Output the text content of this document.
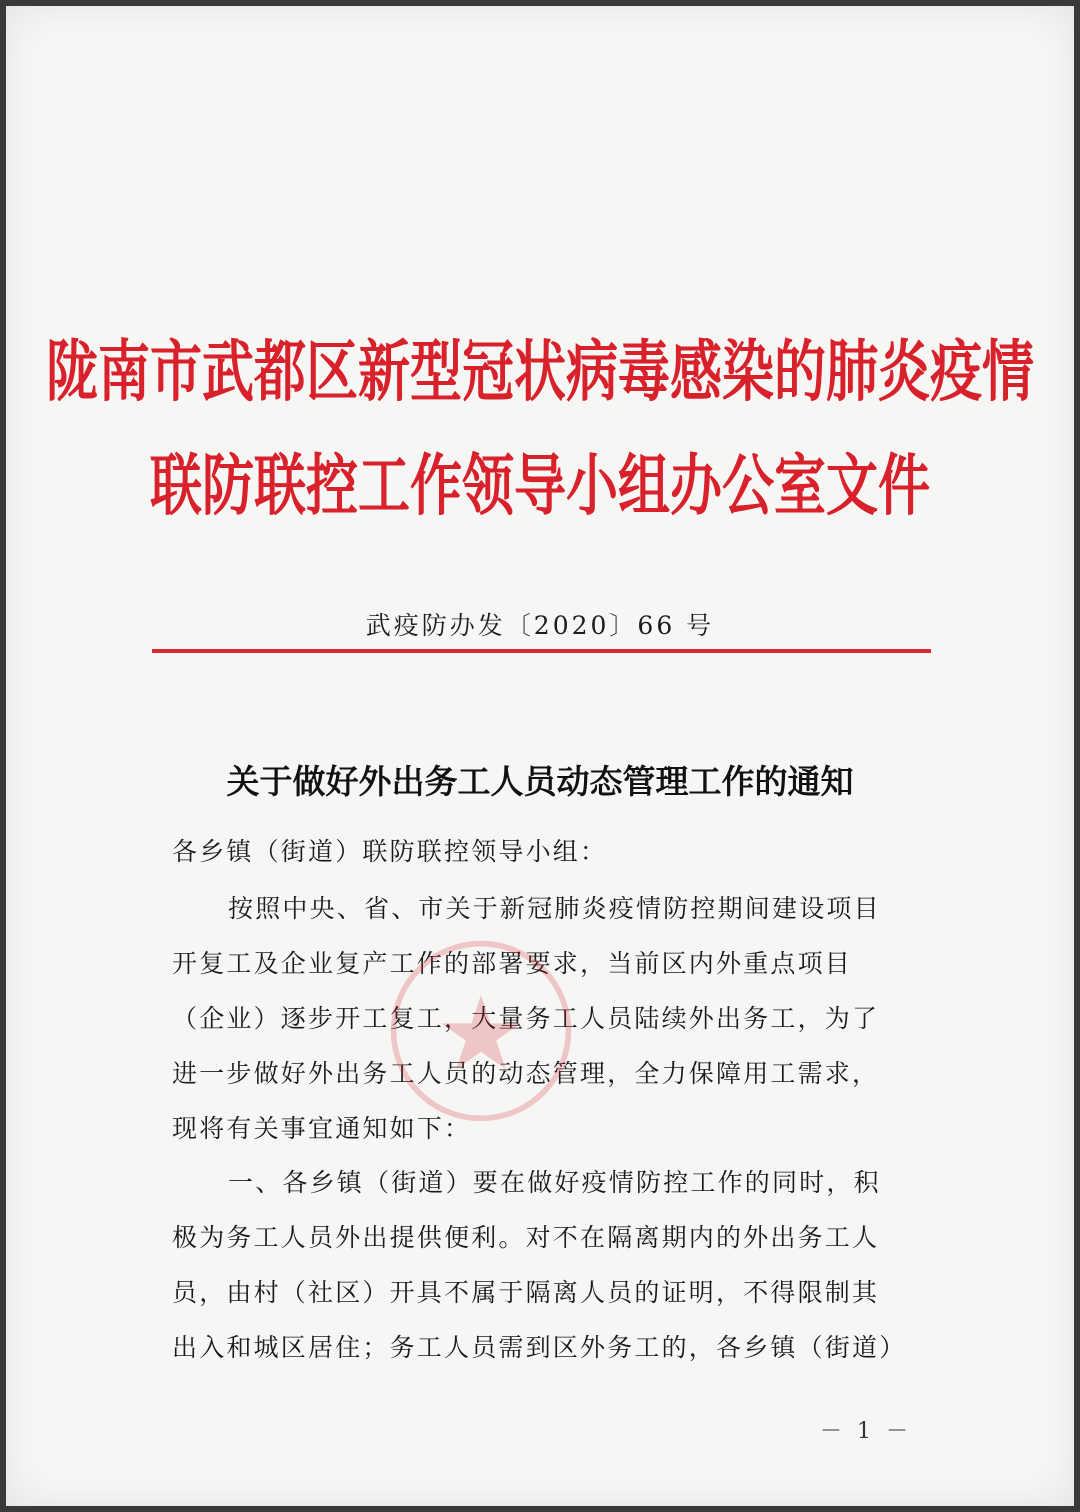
陇南市武都区新型冠状病毒感染的肺炎疫情
联防联控工作领导小组办公室文件
武疫防办发〔2020〕66 号
关于做好外出务工人员动态管理工作的通知
各乡镇（街道）联防联控领导小组：
按照中央、省、市关于新冠肺炎疫情防控期间建设项目
开复工及企业复产工作的部署要求，当前区内外重点项目
（企业）逐步开工复工，大量务工人员陆续外出务工，为了
进一步做好外出务工人员的动态管理，全力保障用工需求，
现将有关事宜通知如下：
一、各乡镇（街道）要在做好疫情防控工作的同时，积
极为务工人员外出提供便利。对不在隔离期内的外出务工人
员，由村（社区）开具不属于隔离人员的证明，不得限制其
出入和城区居住；务工人员需到区外务工的，各乡镇（街道）
－ 1 －
